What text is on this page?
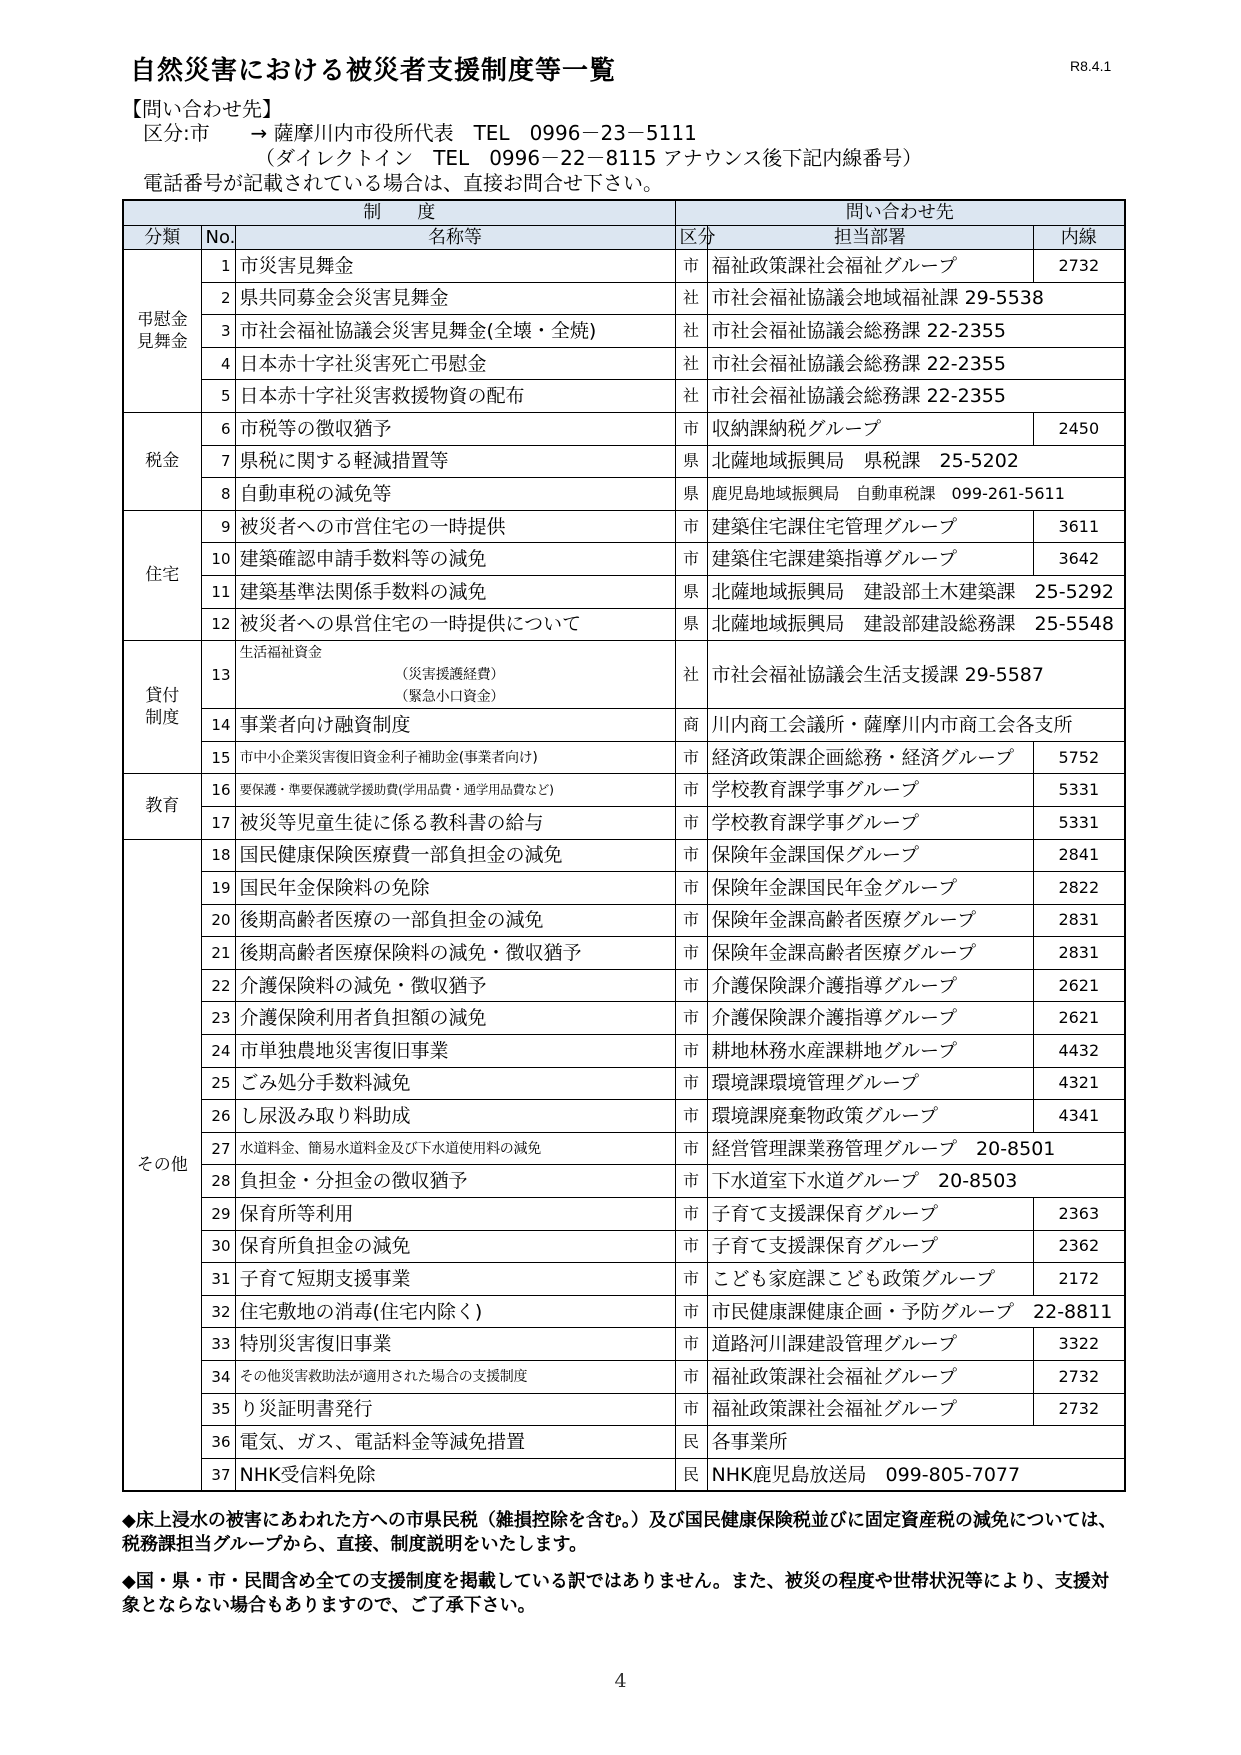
自然災害における被災者支援制度等一覧	R8.4.1
【問い合わせ先】
区分:市 → 薩摩川内市役所代表　TEL　0996－23－5111
（ダイレクトイン　TEL　0996－22－8115 アナウンス後下記内線番号）
電話番号が記載されている場合は、直接お問合せ下さい。
制　　度			問い合わせ先		
分類	No.	名称等	区分	担当部署	内線

弔慰金
見舞金	1	市災害見舞金	市	福祉政策課社会福祉グループ	2732
	2	県共同募金会災害見舞金	社	市社会福祉協議会地域福祉課 29-5538	
	3	市社会福祉協議会災害見舞金(全壊・全焼)	社	市社会福祉協議会総務課 22-2355	
	4	日本赤十字社災害死亡弔慰金	社	市社会福祉協議会総務課 22-2355	
	5	日本赤十字社災害救援物資の配布	社	市社会福祉協議会総務課 22-2355	

税金	6	市税等の徴収猶予	市	収納課納税グループ	2450
	7	県税に関する軽減措置等	県	北薩地域振興局　県税課　25-5202	
	8	自動車税の減免等	県	鹿児島地域振興局　自動車税課　099-261-5611	

住宅	9	被災者への市営住宅の一時提供	市	建築住宅課住宅管理グループ	3611
	10	建築確認申請手数料等の減免	市	建築住宅課建築指導グループ	3642
	11	建築基準法関係手数料の減免	県	北薩地域振興局　建設部土木建築課　25-5292	
	12	被災者への県営住宅の一時提供について	県	北薩地域振興局　建設部建設総務課　25-5548	

貸付
制度	13	生活福祉資金
（災害援護経費）
（緊急小口資金）	社	市社会福祉協議会生活支援課 29-5587	
	14	事業者向け融資制度	商	川内商工会議所・薩摩川内市商工会各支所	
	15	市中小企業災害復旧資金利子補助金(事業者向け)	市	経済政策課企画総務・経済グループ	5752

教育	16	要保護・準要保護就学援助費(学用品費・通学用品費など)	市	学校教育課学事グループ	5331
	17	被災等児童生徒に係る教科書の給与	市	学校教育課学事グループ	5331

その他	18	国民健康保険医療費一部負担金の減免	市	保険年金課国保グループ	2841
	19	国民年金保険料の免除	市	保険年金課国民年金グループ	2822
	20	後期高齢者医療の一部負担金の減免	市	保険年金課高齢者医療グループ	2831
	21	後期高齢者医療保険料の減免・徴収猶予	市	保険年金課高齢者医療グループ	2831
	22	介護保険料の減免・徴収猶予	市	介護保険課介護指導グループ	2621
	23	介護保険利用者負担額の減免	市	介護保険課介護指導グループ	2621
	24	市単独農地災害復旧事業	市	耕地林務水産課耕地グループ	4432
	25	ごみ処分手数料減免	市	環境課環境管理グループ	4321
	26	し尿汲み取り料助成	市	環境課廃棄物政策グループ	4341
	27	水道料金、簡易水道料金及び下水道使用料の減免	市	経営管理課業務管理グループ　20-8501	
	28	負担金・分担金の徴収猶予	市	下水道室下水道グループ　20-8503	
	29	保育所等利用	市	子育て支援課保育グループ	2363
	30	保育所負担金の減免	市	子育て支援課保育グループ	2362
	31	子育て短期支援事業	市	こども家庭課こども政策グループ	2172
	32	住宅敷地の消毒(住宅内除く)	市	市民健康課健康企画・予防グループ　22-8811	
	33	特別災害復旧事業	市	道路河川課建設管理グループ	3322
	34	その他災害救助法が適用された場合の支援制度	市	福祉政策課社会福祉グループ	2732
	35	り災証明書発行	市	福祉政策課社会福祉グループ	2732
	36	電気、ガス、電話料金等減免措置	民	各事業所	
	37	NHK受信料免除	民	NHK鹿児島放送局　099-805-7077	
◆床上浸水の被害にあわれた方への市県民税（雑損控除を含む。）及び国民健康保険税並びに固定資産税の減免については、税務課担当グループから、直接、制度説明をいたします。
◆国・県・市・民間含め全ての支援制度を掲載している訳ではありません。また、被災の程度や世帯状況等により、支援対象とならない場合もありますので、ご了承下さい。
4
